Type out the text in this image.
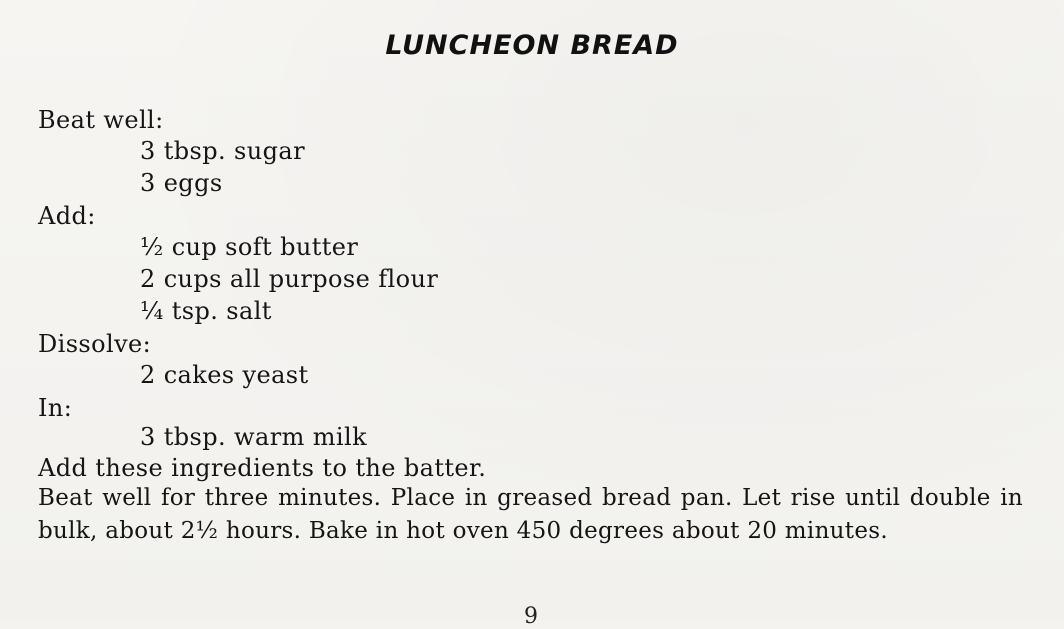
LUNCHEON BREAD
Beat well:
3 tbsp. sugar
3 eggs
Add:
½ cup soft butter
2 cups all purpose flour
¼ tsp. salt
Dissolve:
2 cakes yeast
In:
3 tbsp. warm milk
Add these ingredients to the batter.
Beat well for three minutes. Place in greased bread pan. Let rise until double in bulk, about 2½ hours. Bake in hot oven 450 degrees about 20 minutes.
9
